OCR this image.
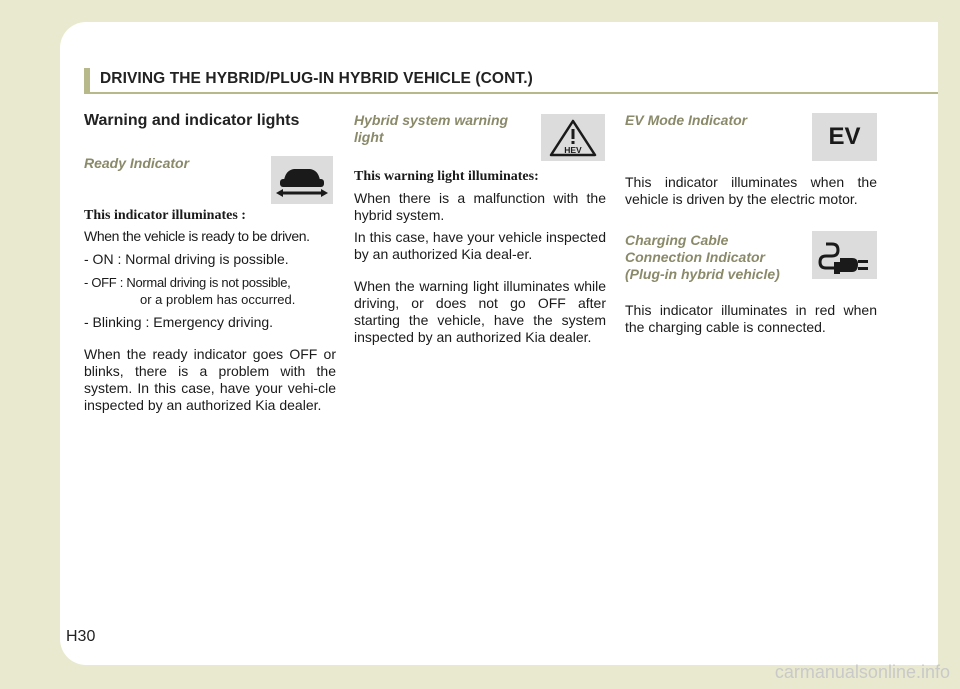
DRIVING THE HYBRID/PLUG-IN HYBRID VEHICLE (CONT.)
Warning and indicator lights
Ready Indicator
This indicator illuminates :

When the vehicle is ready to be driven.

- ON : Normal driving is possible.
- OFF : Normal driving is not possible,
or a problem has occurred.
- Blinking : Emergency driving.

When the ready indicator goes OFF or blinks, there is a problem with the system. In this case, have your vehi-cle inspected by an authorized Kia dealer.

Hybrid system warning
light
This warning light illuminates:

When there is a malfunction with the hybrid system.

In this case, have your vehicle inspected by an authorized Kia deal-er.

When the warning light illuminates while driving, or does not go OFF after starting the vehicle, have the system inspected by an authorized Kia dealer.

HEV
EV Mode Indicator

This indicator illuminates when the vehicle is driven by the electric motor.

Charging Cable
Connection Indicator
(Plug-in hybrid vehicle)

This indicator illuminates in red when the charging cable is connected.

EV
H30
carmanualsonline.info
